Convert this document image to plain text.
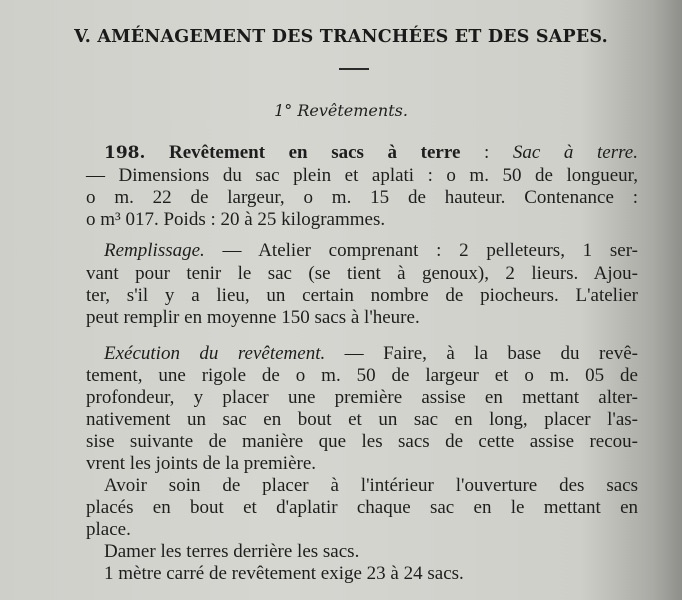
V. AMÉNAGEMENT DES TRANCHÉES ET DES SAPES.
1° Revêtements.
198. Revêtement en sacs à terre : Sac à terre.
— Dimensions du sac plein et aplati : o m. 50 de longueur,
o m. 22 de largeur, o m. 15 de hauteur. Contenance :
o m³ 017. Poids : 20 à 25 kilogrammes.
Remplissage. — Atelier comprenant : 2 pelleteurs, 1 ser-
vant pour tenir le sac (se tient à genoux), 2 lieurs. Ajou-
ter, s'il y a lieu, un certain nombre de piocheurs. L'atelier
peut remplir en moyenne 150 sacs à l'heure.
Exécution du revêtement. — Faire, à la base du revê-
tement, une rigole de o m. 50 de largeur et o m. 05 de
profondeur, y placer une première assise en mettant alter-
nativement un sac en bout et un sac en long, placer l'as-
sise suivante de manière que les sacs de cette assise recou-
vrent les joints de la première.
Avoir soin de placer à l'intérieur l'ouverture des sacs
placés en bout et d'aplatir chaque sac en le mettant en
place.
Damer les terres derrière les sacs.
1 mètre carré de revêtement exige 23 à 24 sacs.
